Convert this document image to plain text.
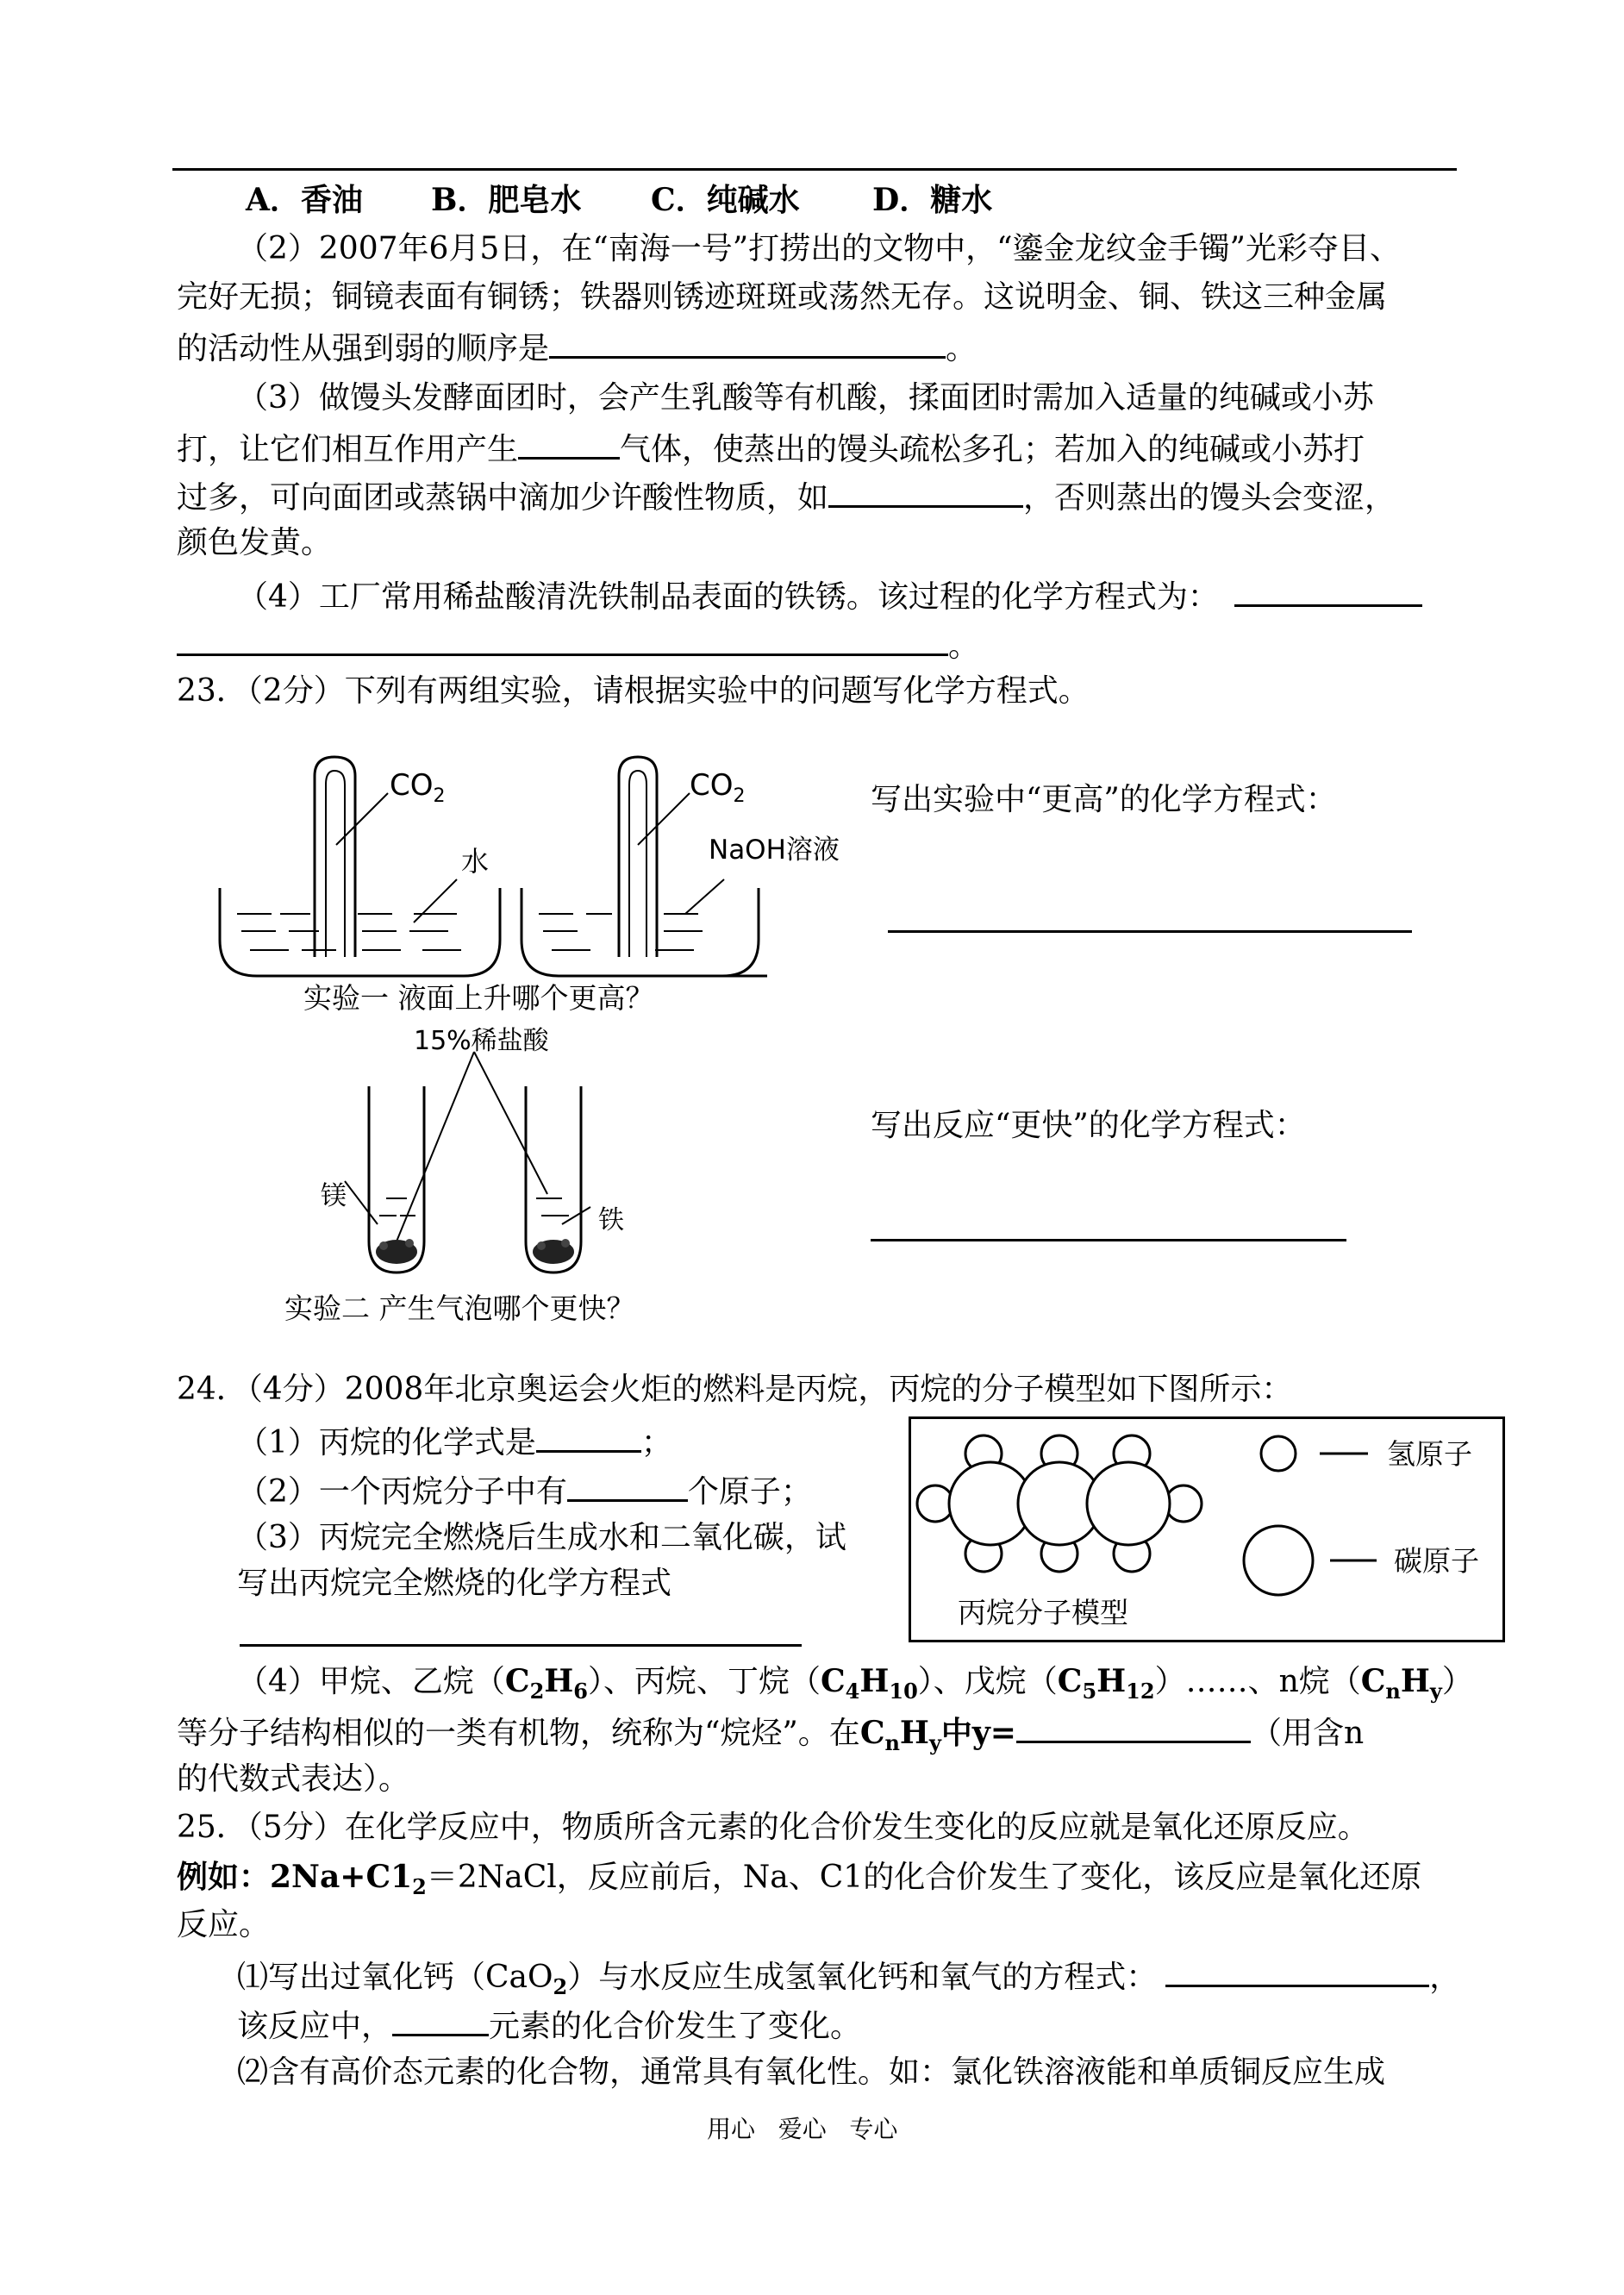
A．香油 B．肥皂水 C．纯碱水 D．糖水
（2）2007年6月5日，在“南海一号”打捞出的文物中，“鎏金龙纹金手镯”光彩夺目、
完好无损；铜镜表面有铜锈；铁器则锈迹斑斑或荡然无存。这说明金、铜、铁这三种金属
的活动性从强到弱的顺序是	。
（3）做馒头发酵面团时，会产生乳酸等有机酸，揉面团时需加入适量的纯碱或小苏
打，让它们相互作用产生	气体，使蒸出的馒头疏松多孔；若加入的纯碱或小苏打
过多，可向面团或蒸锅中滴加少许酸性物质，如	，否则蒸出的馒头会变涩，
颜色发黄。
（4）工厂常用稀盐酸清洗铁制品表面的铁锈。该过程的化学方程式为：
。
23．（2分）下列有两组实验，请根据实验中的问题写化学方程式。
$CO_2$
水
$CO_2$
NaOH溶液
实验一 液面上升哪个更高？
15%稀盐酸
镁
铁
实验二 产生气泡哪个更快？
写出实验中“更高”的化学方程式：
写出反应“更快”的化学方程式：
24．（4分）2008年北京奥运会火炬的燃料是丙烷，丙烷的分子模型如下图所示：
（1）丙烷的化学式是	；
（2）一个丙烷分子中有	个原子；
（3）丙烷完全燃烧后生成水和二氧化碳，试
写出丙烷完全燃烧的化学方程式
氢原子
碳原子
丙烷分子模型
（4）甲烷、乙烷$(C_2H_6)$、丙烷、丁烷$(C_4H_{10})$、戊烷$(C_5H_{12})\dots\dots$、n烷$(C_nH_y)$
等分子结构相似的一类有机物，统称为“烷烃”。在$C_nH_y$中y=	（用含n
的代数式表达）。
25．（5分）在化学反应中，物质所含元素的化合价发生变化的反应就是氧化还原反应。
例如：$2Na+C1_2=2NaCl$，反应前后，Na、C1的化合价发生了变化，该反应是氧化还原
反应。
⑴写出过氧化钙（CaO$_2$）与水反应生成氢氧化钙和氧气的方程式：	，
该反应中，	元素的化合价发生了变化。
⑵含有高价态元素的化合物，通常具有氧化性。如：氯化铁溶液能和单质铜反应生成
用心   爱心   专心
